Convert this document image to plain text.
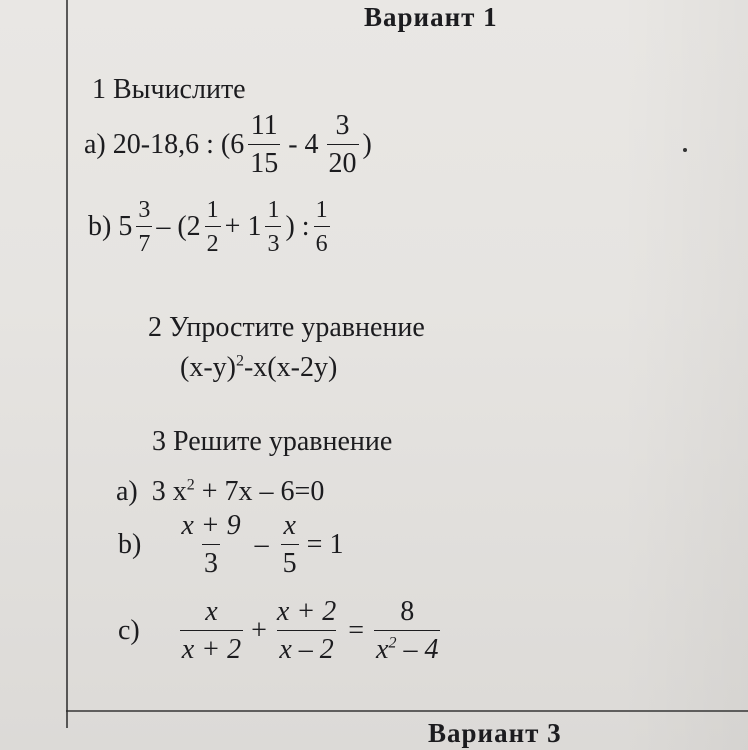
Вариант 1
1 Вычислите
a)
20-18,6 : ($6 \frac{11}{15} - 4 \frac{3}{20}$ )
b)
$5 \frac{3}{7} - (2 \frac{1}{2} + 1 \frac{1}{3}$ ) : $\frac{1}{6}$
2 Упростите уравнение
$(x-y)^2-x(x-2y)$
3 Решите уравнение
a) 3 $x^2 + 7x - 6=0$
$b) \frac{x + 9}{3} - \frac{x}{5} = 1$
$c) \frac{x}{x + 2} + \frac{x + 2}{x - 2} = \frac{8}{x^2 - 4}$
Вариант 3
